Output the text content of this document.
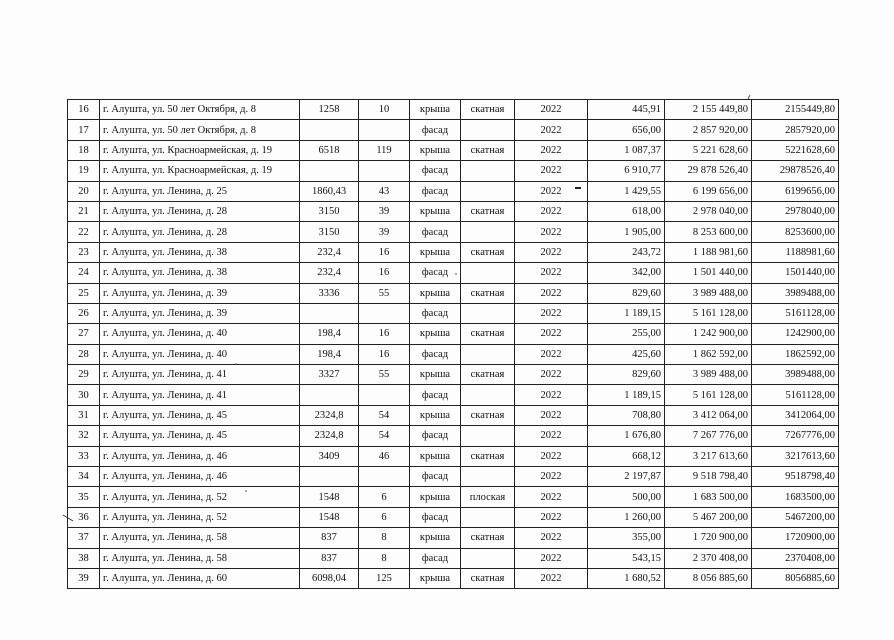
16	г. Алушта, ул. 50 лет Октября, д. 8	1258	10	крыша	скатная	2022	445,91	2 155 449,80	2155449,80
17	г. Алушта, ул. 50 лет Октября, д. 8			фасад		2022	656,00	2 857 920,00	2857920,00
18	г. Алушта, ул. Красноармейская, д. 19	6518	119	крыша	скатная	2022	1 087,37	5 221 628,60	5221628,60
19	г. Алушта, ул. Красноармейская, д. 19			фасад		2022	6 910,77	29 878 526,40	29878526,40
20	г. Алушта, ул. Ленина, д. 25	1860,43	43	фасад		2022	1 429,55	6 199 656,00	6199656,00
21	г. Алушта, ул. Ленина, д. 28	3150	39	крыша	скатная	2022	618,00	2 978 040,00	2978040,00
22	г. Алушта, ул. Ленина, д. 28	3150	39	фасад		2022	1 905,00	8 253 600,00	8253600,00
23	г. Алушта, ул. Ленина, д. 38	232,4	16	крыша	скатная	2022	243,72	1 188 981,60	1188981,60
24	г. Алушта, ул. Ленина, д. 38	232,4	16	фасад		2022	342,00	1 501 440,00	1501440,00
25	г. Алушта, ул. Ленина, д. 39	3336	55	крыша	скатная	2022	829,60	3 989 488,00	3989488,00
26	г. Алушта, ул. Ленина, д. 39			фасад		2022	1 189,15	5 161 128,00	5161128,00
27	г. Алушта, ул. Ленина, д. 40	198,4	16	крыша	скатная	2022	255,00	1 242 900,00	1242900,00
28	г. Алушта, ул. Ленина, д. 40	198,4	16	фасад		2022	425,60	1 862 592,00	1862592,00
29	г. Алушта, ул. Ленина, д. 41	3327	55	крыша	скатная	2022	829,60	3 989 488,00	3989488,00
30	г. Алушта, ул. Ленина, д. 41			фасад		2022	1 189,15	5 161 128,00	5161128,00
31	г. Алушта, ул. Ленина, д. 45	2324,8	54	крыша	скатная	2022	708,80	3 412 064,00	3412064,00
32	г. Алушта, ул. Ленина, д. 45	2324,8	54	фасад		2022	1 676,80	7 267 776,00	7267776,00
33	г. Алушта, ул. Ленина, д. 46	3409	46	крыша	скатная	2022	668,12	3 217 613,60	3217613,60
34	г. Алушта, ул. Ленина, д. 46			фасад		2022	2 197,87	9 518 798,40	9518798,40
35	г. Алушта, ул. Ленина, д. 52	1548	6	крыша	плоская	2022	500,00	1 683 500,00	1683500,00
36	г. Алушта, ул. Ленина, д. 52	1548	6	фасад		2022	1 260,00	5 467 200,00	5467200,00
37	г. Алушта, ул. Ленина, д. 58	837	8	крыша	скатная	2022	355,00	1 720 900,00	1720900,00
38	г. Алушта, ул. Ленина, д. 58	837	8	фасад		2022	543,15	2 370 408,00	2370408,00
39	г. Алушта, ул. Ленина, д. 60	6098,04	125	крыша	скатная	2022	1 680,52	8 056 885,60	8056885,60
